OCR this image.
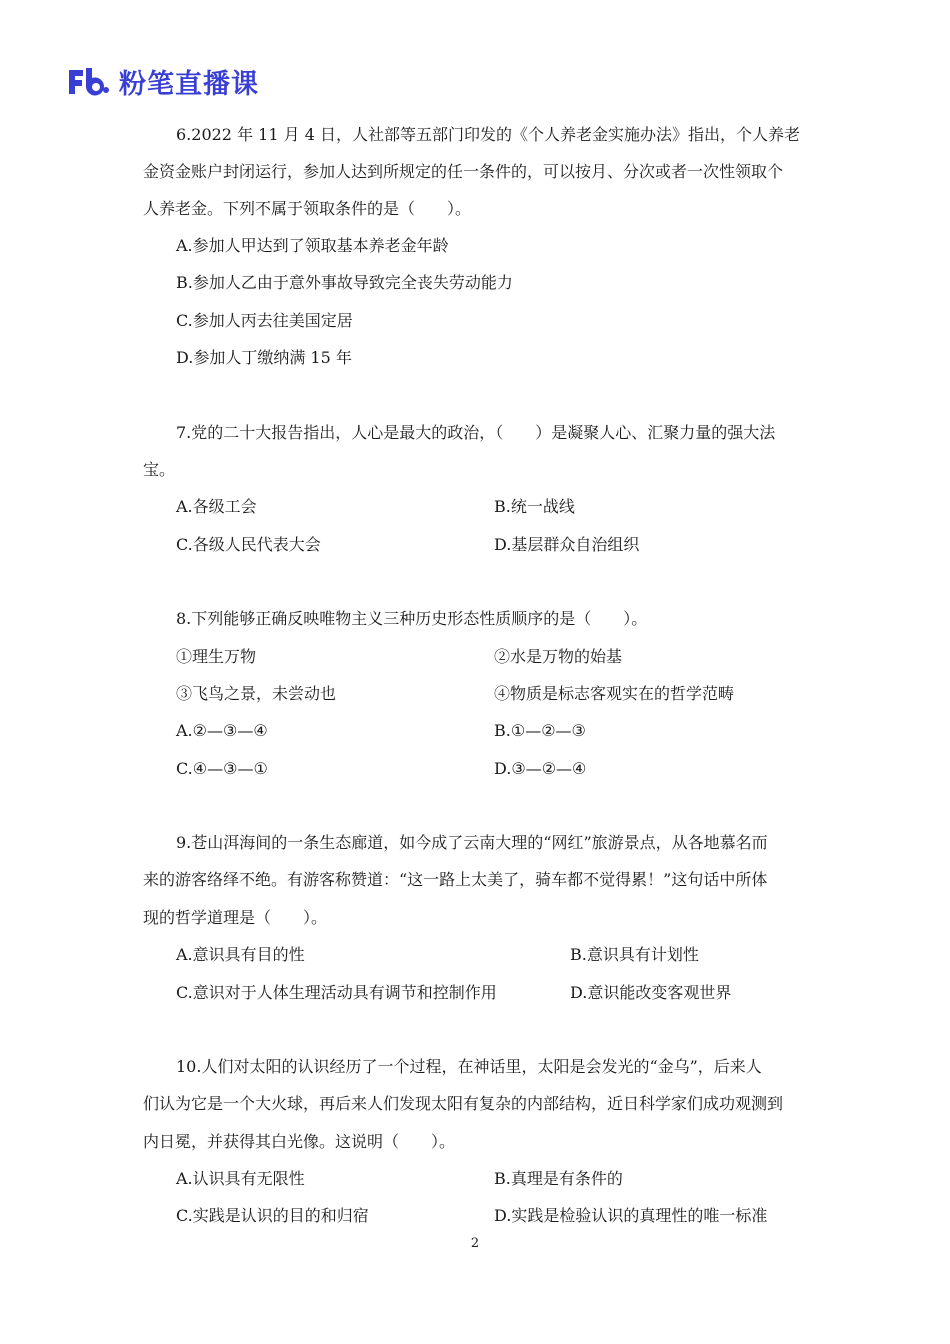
粉笔直播课
6.2022 年 11 月 4 日，人社部等五部门印发的《个人养老金实施办法》指出，个人养老
金资金账户封闭运行，参加人达到所规定的任一条件的，可以按月、分次或者一次性领取个
人养老金。下列不属于领取条件的是（　　）。
A.参加人甲达到了领取基本养老金年龄
B.参加人乙由于意外事故导致完全丧失劳动能力
C.参加人丙去往美国定居
D.参加人丁缴纳满 15 年
7.党的二十大报告指出，人心是最大的政治，（　　）是凝聚人心、汇聚力量的强大法
宝。
A.各级工会	B.统一战线
C.各级人民代表大会	D.基层群众自治组织
8.下列能够正确反映唯物主义三种历史形态性质顺序的是（　　）。
①理生万物	②水是万物的始基
③飞鸟之景，未尝动也	④物质是标志客观实在的哲学范畴
A.②—③—④	B.①—②—③
C.④—③—①	D.③—②—④
9.苍山洱海间的一条生态廊道，如今成了云南大理的“网红”旅游景点，从各地慕名而
来的游客络绎不绝。有游客称赞道：“这一路上太美了，骑车都不觉得累！”这句话中所体
现的哲学道理是（　　）。
A.意识具有目的性	B.意识具有计划性
C.意识对于人体生理活动具有调节和控制作用	D.意识能改变客观世界
10.人们对太阳的认识经历了一个过程，在神话里，太阳是会发光的“金乌”，后来人
们认为它是一个大火球，再后来人们发现太阳有复杂的内部结构，近日科学家们成功观测到
内日冕，并获得其白光像。这说明（　　）。
A.认识具有无限性	B.真理是有条件的
C.实践是认识的目的和归宿	D.实践是检验认识的真理性的唯一标准
2
